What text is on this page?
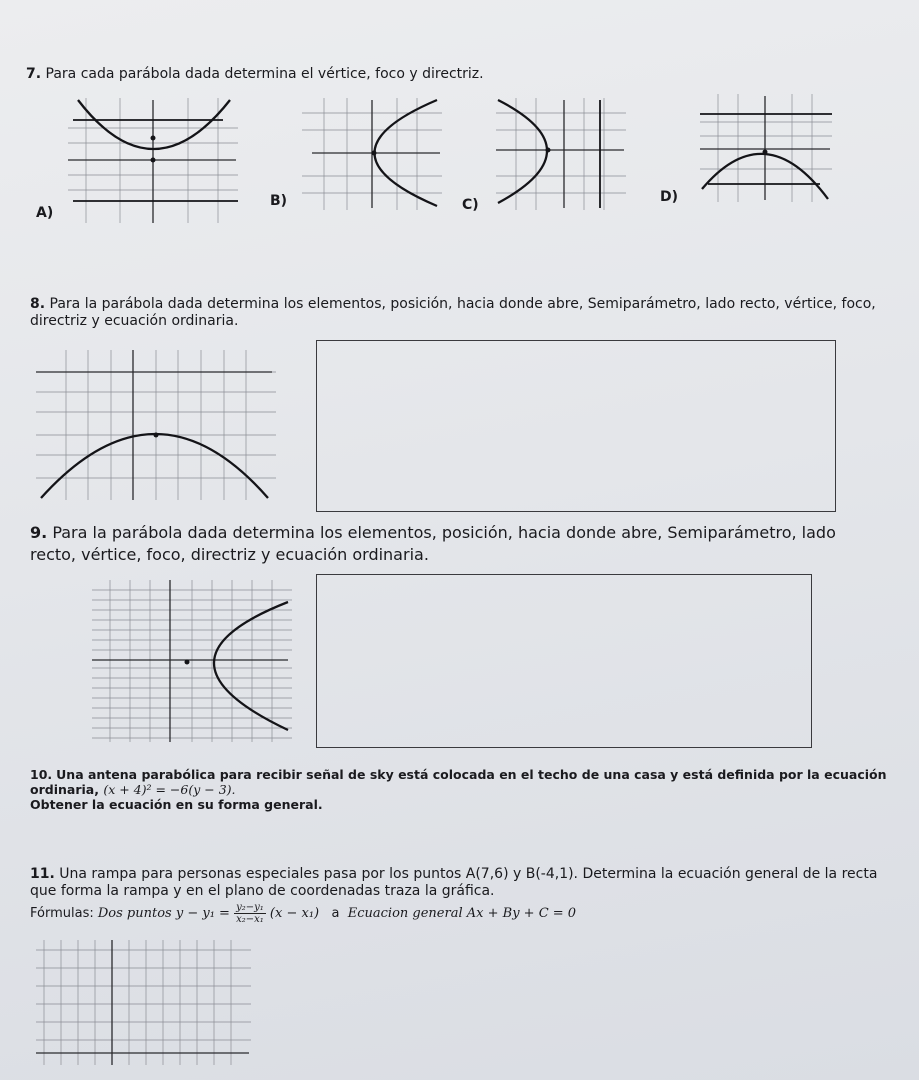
7. Para cada parábola dada determina el vértice, foco y directriz.
A)
B)	C)	D)
8. Para la parábola dada determina los elementos, posición, hacia donde abre, Semiparámetro, lado recto, vértice, foco,
directriz y ecuación ordinaria.
9. Para la parábola dada determina los elementos, posición, hacia donde abre, Semiparámetro, lado
recto, vértice, foco, directriz y ecuación ordinaria.
10. Una antena parabólica para recibir señal de sky está colocada en el techo de una casa y está definida por la ecuación
ordinaria, (x + 4)² = −6(y − 3).
Obtener la ecuación en su forma general.
11. Una rampa para personas especiales pasa por los puntos A(7,6) y B(-4,1). Determina la ecuación general de la recta
que forma la rampa y en el plano de coordenadas traza la gráfica.
Fórmulas: Dos puntos $y - y_1 = \frac{\text{y₂−y₁}}{\text{x₂−x₁}} (x - x_1)$ a Ecuacion general Ax + By + C = 0
